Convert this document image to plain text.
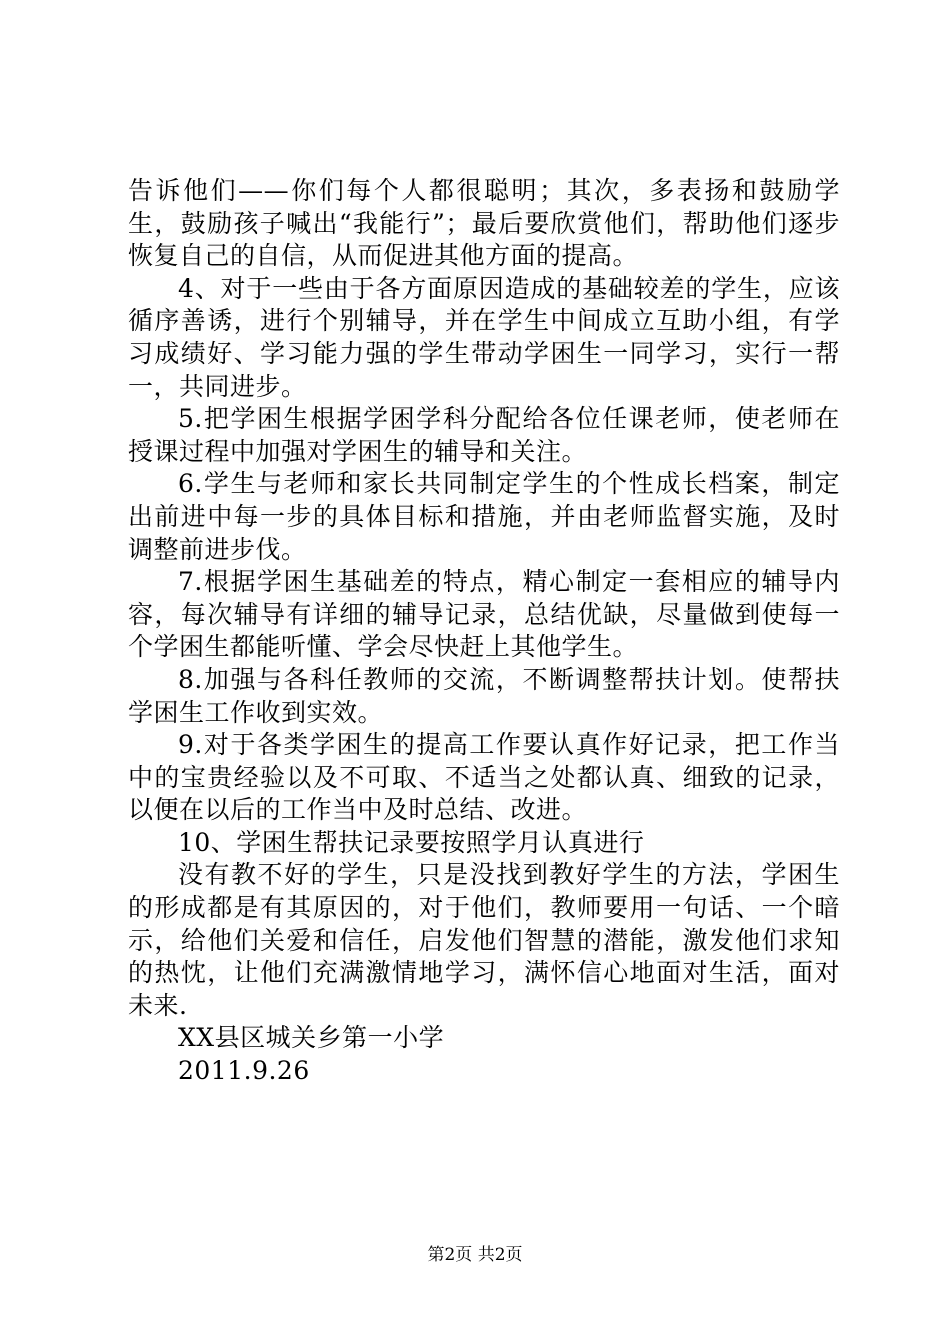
告诉他们——你们每个人都很聪明；其次，多表扬和鼓励学生，鼓励孩子喊出“我能行”；最后要欣赏他们，帮助他们逐步恢复自己的自信，从而促进其他方面的提高。

4、对于一些由于各方面原因造成的基础较差的学生，应该循序善诱，进行个别辅导，并在学生中间成立互助小组，有学习成绩好、学习能力强的学生带动学困生一同学习，实行一帮一，共同进步。

5.把学困生根据学困学科分配给各位任课老师，使老师在授课过程中加强对学困生的辅导和关注。

6.学生与老师和家长共同制定学生的个性成长档案，制定出前进中每一步的具体目标和措施，并由老师监督实施，及时调整前进步伐。

7.根据学困生基础差的特点，精心制定一套相应的辅导内容，每次辅导有详细的辅导记录，总结优缺，尽量做到使每一个学困生都能听懂、学会尽快赶上其他学生。

8.加强与各科任教师的交流，不断调整帮扶计划。使帮扶学困生工作收到实效。

9.对于各类学困生的提高工作要认真作好记录，把工作当中的宝贵经验以及不可取、不适当之处都认真、细致的记录，以便在以后的工作当中及时总结、改进。

10、学困生帮扶记录要按照学月认真进行

没有教不好的学生，只是没找到教好学生的方法，学困生的形成都是有其原因的，对于他们，教师要用一句话、一个暗示，给他们关爱和信任，启发他们智慧的潜能，激发他们求知的热忱，让他们充满激情地学习，满怀信心地面对生活，面对未来.

XX县区城关乡第一小学

2011.9.26

第2页 共2页
